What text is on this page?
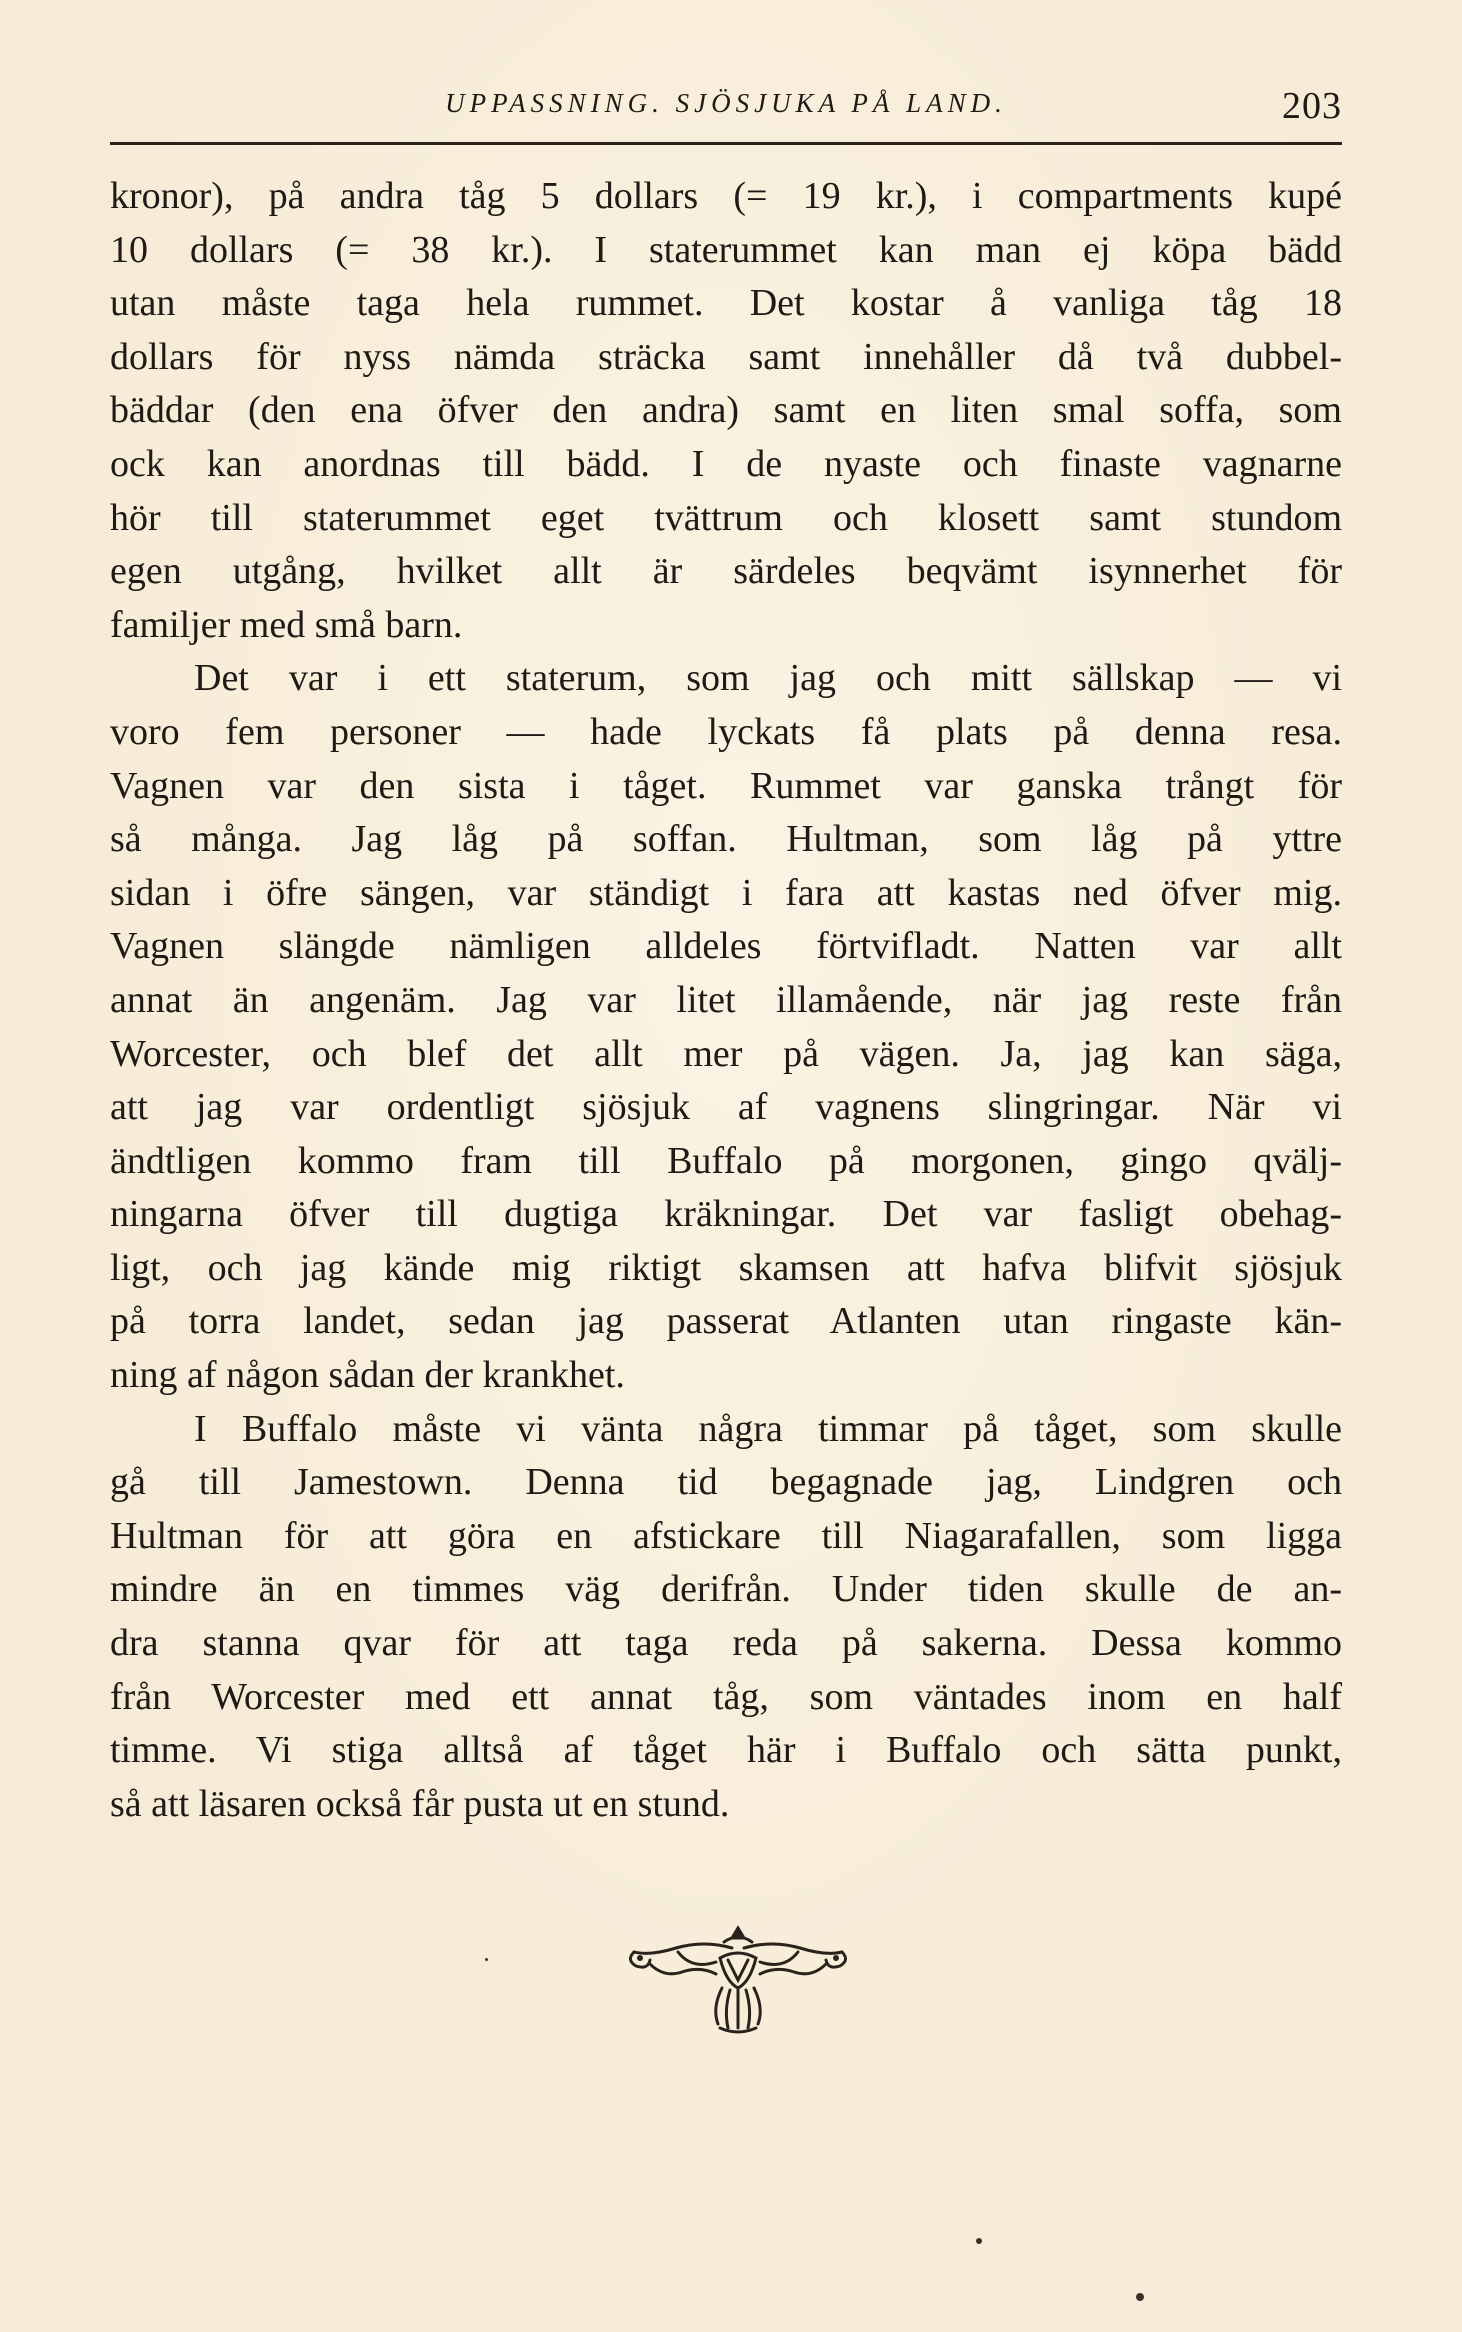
UPPASSNING. SJÖSJUKA PÅ LAND.	203
kronor), på andra tåg 5 dollars (= 19 kr.), i compartments kupé
10 dollars (= 38 kr.). I staterummet kan man ej köpa bädd
utan måste taga hela rummet. Det kostar å vanliga tåg 18
dollars för nyss nämda sträcka samt innehåller då två dubbel-
bäddar (den ena öfver den andra) samt en liten smal soffa, som
ock kan anordnas till bädd. I de nyaste och finaste vagnarne
hör till staterummet eget tvättrum och klosett samt stundom
egen utgång, hvilket allt är särdeles beqvämt isynnerhet för
familjer med små barn.
Det var i ett staterum, som jag och mitt sällskap — vi
voro fem personer — hade lyckats få plats på denna resa.
Vagnen var den sista i tåget. Rummet var ganska trångt för
så många. Jag låg på soffan. Hultman, som låg på yttre
sidan i öfre sängen, var ständigt i fara att kastas ned öfver mig.
Vagnen slängde nämligen alldeles förtvifladt. Natten var allt
annat än angenäm. Jag var litet illamående, när jag reste från
Worcester, och blef det allt mer på vägen. Ja, jag kan säga,
att jag var ordentligt sjösjuk af vagnens slingringar. När vi
ändtligen kommo fram till Buffalo på morgonen, gingo qvälj-
ningarna öfver till dugtiga kräkningar. Det var fasligt obehag-
ligt, och jag kände mig riktigt skamsen att hafva blifvit sjösjuk
på torra landet, sedan jag passerat Atlanten utan ringaste kän-
ning af någon sådan der krankhet.
I Buffalo måste vi vänta några timmar på tåget, som skulle
gå till Jamestown. Denna tid begagnade jag, Lindgren och
Hultman för att göra en afstickare till Niagarafallen, som ligga
mindre än en timmes väg derifrån. Under tiden skulle de an-
dra stanna qvar för att taga reda på sakerna. Dessa kommo
från Worcester med ett annat tåg, som väntades inom en half
timme. Vi stiga alltså af tåget här i Buffalo och sätta punkt,
så att läsaren också får pusta ut en stund.
